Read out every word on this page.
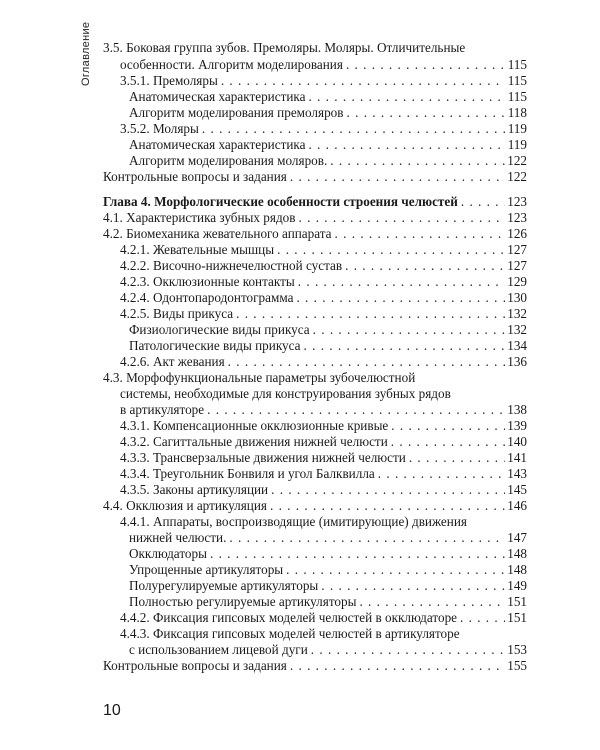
Оглавление 3.5. Боковая группа зубов. Премоляры. Моляры. Отличительные
особенности. Алгоритм моделирования . . .	115
3.5.1. Премоляры . . .	115
Анатомическая характеристика . . .	115
Алгоритм моделирования премоляров . . .	118
3.5.2. Моляры . . .	119
Анатомическая характеристика . . .	119
Алгоритм моделирования моляров. . . .	122
Контрольные вопросы и задания . . .	122
Глава 4. Морфологические особенности строения челюстей . . .	123
4.1. Характеристика зубных рядов . . .	123
4.2. Биомеханика жевательного аппарата . . .	126
4.2.1. Жевательные мышцы . . .	127
4.2.2. Височно-нижнечелюстной сустав . . .	127
4.2.3. Окклюзионные контакты . . .	129
4.2.4. Одонтопародонтограмма . . .	130
4.2.5. Виды прикуса . . .	132
Физиологические виды прикуса . . .	132
Патологические виды прикуса . . .	134
4.2.6. Акт жевания . . .	136
4.3. Морфофункциональные параметры зубочелюстной
системы, необходимые для конструирования зубных рядов
в артикуляторе . . .	138
4.3.1. Компенсационные окклюзионные кривые . . .	139
4.3.2. Сагиттальные движения нижней челюсти . . .	140
4.3.3. Трансверзальные движения нижней челюсти . . .	141
4.3.4. Треугольник Бонвиля и угол Балквилла . . .	143
4.3.5. Законы артикуляции . . .	145
4.4. Окклюзия и артикуляция . . .	146
4.4.1. Аппараты, воспроизводящие (имитирующие) движения
нижней челюсти. . . .	147
Окклюдаторы . . .	148
Упрощенные артикуляторы . . .	148
Полурегулируемые артикуляторы . . .	149
Полностью регулируемые артикуляторы . . .	151
4.4.2. Фиксация гипсовых моделей челюстей в окклюдаторе . . .	151
4.4.3. Фиксация гипсовых моделей челюстей в артикуляторе
с использованием лицевой дуги . . .	153
Контрольные вопросы и задания . . .	155
10
